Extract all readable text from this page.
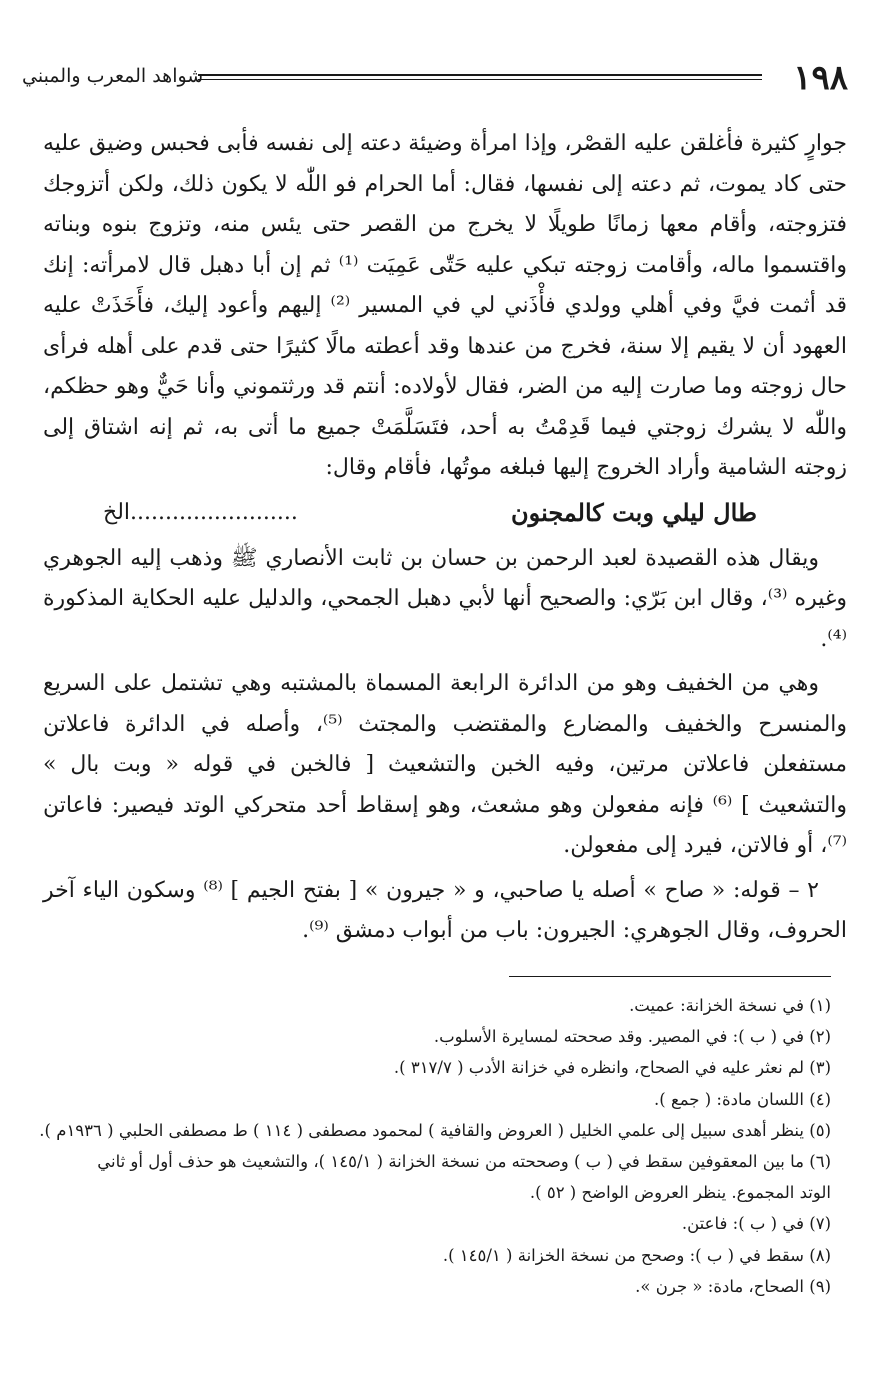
١٩٨
شواهد المعرب والمبني

جوارٍ كثيرة فأغلقن عليه القصْر، وإذا امرأة وضيئة دعته إلى نفسه فأبى فحبس وضيق عليه حتى كاد يموت، ثم دعته إلى نفسها، فقال: أما الحرام فو اللّٰه لا يكون ذلك، ولكن أتزوجك فتزوجته، وأقام معها زمانًا طويلًا لا يخرج من القصر حتى يئس منه، وتزوج بنوه وبناته واقتسموا ماله، وأقامت زوجته تبكي عليه حَتّٰى عَمِيَت ⁽¹⁾ ثم إن أبا دهبل قال لامرأته: إنك قد أثمت فيَّ وفي أهلي وولدي فأْذَني لي في المسير ⁽²⁾ إليهم وأعود إليك، فأَخَذَتْ عليه العهود أن لا يقيم إلا سنة، فخرج من عندها وقد أعطته مالًا كثيرًا حتى قدم على أهله فرأى حال زوجته وما صارت إليه من الضر، فقال لأولاده: أنتم قد ورثتموني وأنا حَيٌّ وهو حظكم، واللّٰه لا يشرك زوجتي فيما قَدِمْتُ به أحد، فتَسَلَّمَتْ جميع ما أتى به، ثم إنه اشتاق إلى زوجته الشامية وأراد الخروج إليها فبلغه موتُها، فأقام وقال:

طال ليلي وبت كالمجنون
........................الخ

ويقال هذه القصيدة لعبد الرحمن بن حسان بن ثابت الأنصاري ﷺ وذهب إليه الجوهري وغيره ⁽³⁾، وقال ابن بَرّي: والصحيح أنها لأبي دهبل الجمحي، والدليل عليه الحكاية المذكورة ⁽⁴⁾.

وهي من الخفيف وهو من الدائرة الرابعة المسماة بالمشتبه وهي تشتمل على السريع والمنسرح والخفيف والمضارع والمقتضب والمجتث ⁽⁵⁾، وأصله في الدائرة فاعلاتن مستفعلن فاعلاتن مرتين، وفيه الخبن والتشعيث [ فالخبن في قوله « وبت بال » والتشعيث ] ⁽⁶⁾ فإنه مفعولن وهو مشعث، وهو إسقاط أحد متحركي الوتد فيصير: فاعاتن ⁽⁷⁾، أو فالاتن، فيرد إلى مفعولن.

٢ – قوله: « صاح » أصله يا صاحبي، و « جيرون » [ بفتح الجيم ] ⁽⁸⁾ وسكون الياء آخر الحروف، وقال الجوهري: الجيرون: باب من أبواب دمشق ⁽⁹⁾.

(١) في نسخة الخزانة: عميت.

(٢) في ( ب ): في المصير. وقد صححته لمسايرة الأسلوب.

(٣) لم نعثر عليه في الصحاح، وانظره في خزانة الأدب ( ٣١٧/٧ ).

(٤) اللسان مادة: ( جمع ).

(٥) ينظر أهدى سبيل إلى علمي الخليل ( العروض والقافية ) لمحمود مصطفى ( ١١٤ ) ط مصطفى الحلبي ( ١٩٣٦م ).

(٦) ما بين المعقوفين سقط في ( ب ) وصححته من نسخة الخزانة ( ١٤٥/١ )، والتشعيث هو حذف أول أو ثاني

الوتد المجموع. ينظر العروض الواضح ( ٥٢ ).

(٧) في ( ب ): فاعتن.

(٨) سقط في ( ب ): وصحح من نسخة الخزانة ( ١٤٥/١ ).

(٩) الصحاح، مادة: « جرن ».
